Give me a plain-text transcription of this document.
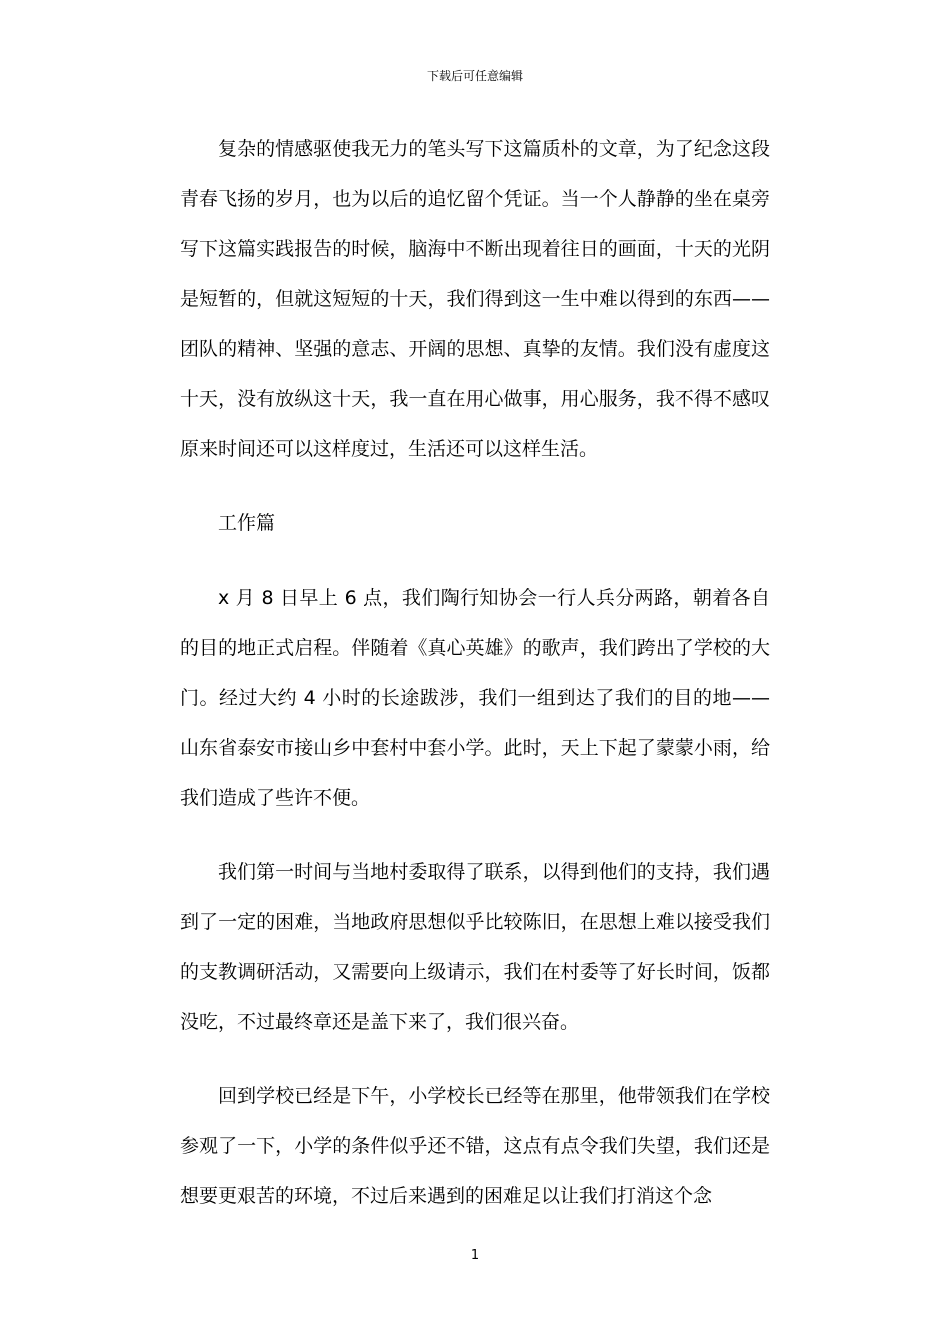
下载后可任意编辑

复杂的情感驱使我无力的笔头写下这篇质朴的文章，为了纪念这段青春飞扬的岁月，也为以后的追忆留个凭证。当一个人静静的坐在桌旁写下这篇实践报告的时候，脑海中不断出现着往日的画面，十天的光阴是短暂的，但就这短短的十天，我们得到这一生中难以得到的东西——团队的精神、坚强的意志、开阔的思想、真挚的友情。我们没有虚度这十天，没有放纵这十天，我一直在用心做事，用心服务，我不得不感叹原来时间还可以这样度过，生活还可以这样生活。

工作篇

x 月 8 日早上 6 点，我们陶行知协会一行人兵分两路，朝着各自的目的地正式启程。伴随着《真心英雄》的歌声，我们跨出了学校的大门。经过大约 4 小时的长途跋涉，我们一组到达了我们的目的地——山东省泰安市接山乡中套村中套小学。此时，天上下起了蒙蒙小雨，给我们造成了些许不便。

我们第一时间与当地村委取得了联系，以得到他们的支持，我们遇到了一定的困难，当地政府思想似乎比较陈旧，在思想上难以接受我们的支教调研活动，又需要向上级请示，我们在村委等了好长时间，饭都没吃，不过最终章还是盖下来了，我们很兴奋。

回到学校已经是下午，小学校长已经等在那里，他带领我们在学校参观了一下，小学的条件似乎还不错，这点有点令我们失望，我们还是想要更艰苦的环境，不过后来遇到的困难足以让我们打消这个念

1
